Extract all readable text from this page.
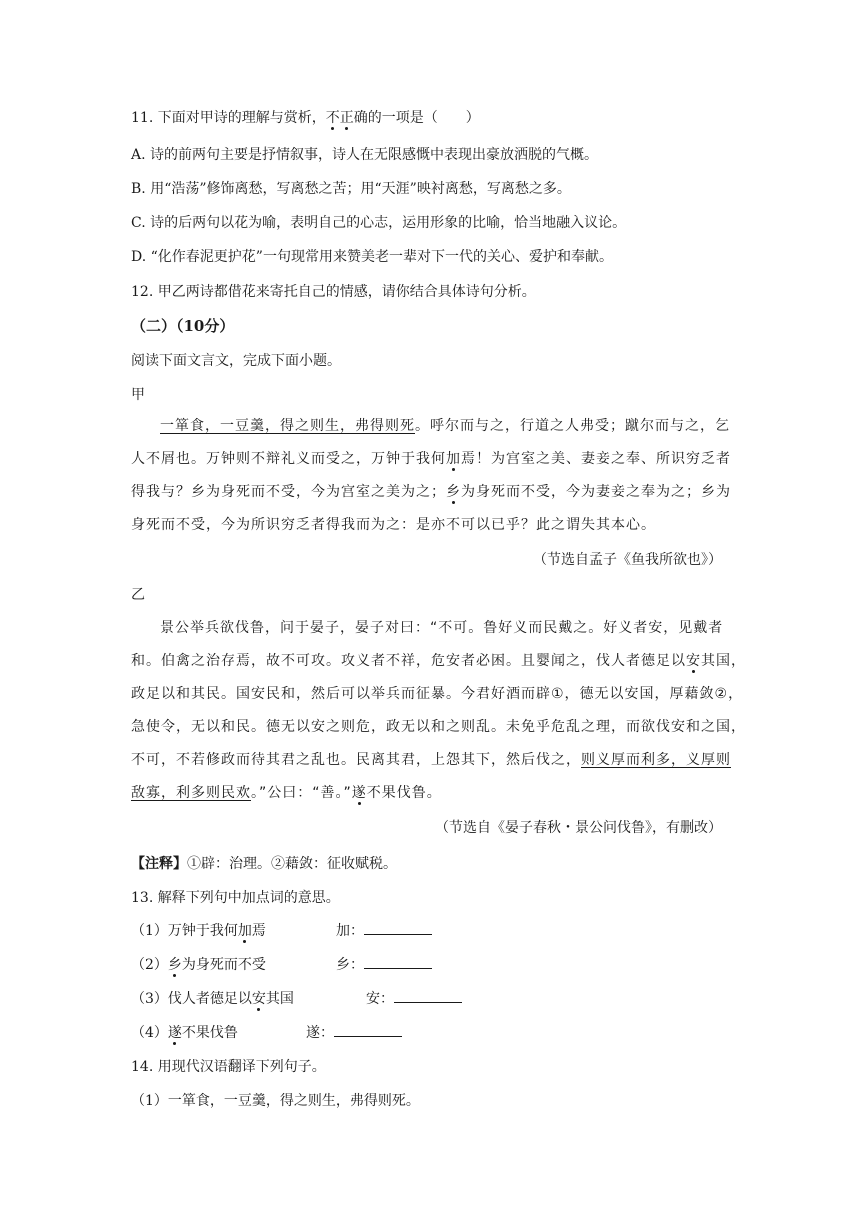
11. 下面对甲诗的理解与赏析，不正确的一项是（　　）
A. 诗的前两句主要是抒情叙事，诗人在无限感慨中表现出豪放洒脱的气概。
B. 用“浩荡”修饰离愁，写离愁之苦；用“天涯”映衬离愁，写离愁之多。
C. 诗的后两句以花为喻，表明自己的心志，运用形象的比喻，恰当地融入议论。
D. “化作春泥更护花”一句现常用来赞美老一辈对下一代的关心、爱护和奉献。
12. 甲乙两诗都借花来寄托自己的情感，请你结合具体诗句分析。
（二）（10分）
阅读下面文言文，完成下面小题。
甲
一箪食，一豆羹，得之则生，弗得则死。呼尔而与之，行道之人弗受；蹴尔而与之，乞
人不屑也。万钟则不辩礼义而受之，万钟于我何加焉！为宫室之美、妻妾之奉、所识穷乏者
得我与？乡为身死而不受，今为宫室之美为之；乡为身死而不受，今为妻妾之奉为之；乡为
身死而不受，今为所识穷乏者得我而为之：是亦不可以已乎？此之谓失其本心。
（节选自孟子《鱼我所欲也》）
乙
景公举兵欲伐鲁，问于晏子，晏子对曰：“不可。鲁好义而民戴之。好义者安，见戴者
和。伯禽之治存焉，故不可攻。攻义者不祥，危安者必困。且婴闻之，伐人者德足以安其国，
政足以和其民。国安民和，然后可以举兵而征暴。今君好酒而辟①，德无以安国，厚藉敛②，
急使令，无以和民。德无以安之则危，政无以和之则乱。未免乎危乱之理，而欲伐安和之国，
不可，不若修政而待其君之乱也。民离其君，上怨其下，然后伐之，则义厚而利多，义厚则
敌寡，利多则民欢。”公曰：“善。”遂不果伐鲁。
（节选自《晏子春秋・景公问伐鲁》，有删改）
【注释】①辟：治理。②藉敛：征收赋税。
13. 解释下列句中加点词的意思。
（1）万钟于我何加焉	加：
（2）乡为身死而不受	乡：
（3）伐人者德足以安其国	安：
（4）遂不果伐鲁	遂：
14. 用现代汉语翻译下列句子。
（1）一箪食，一豆羹，得之则生，弗得则死。
